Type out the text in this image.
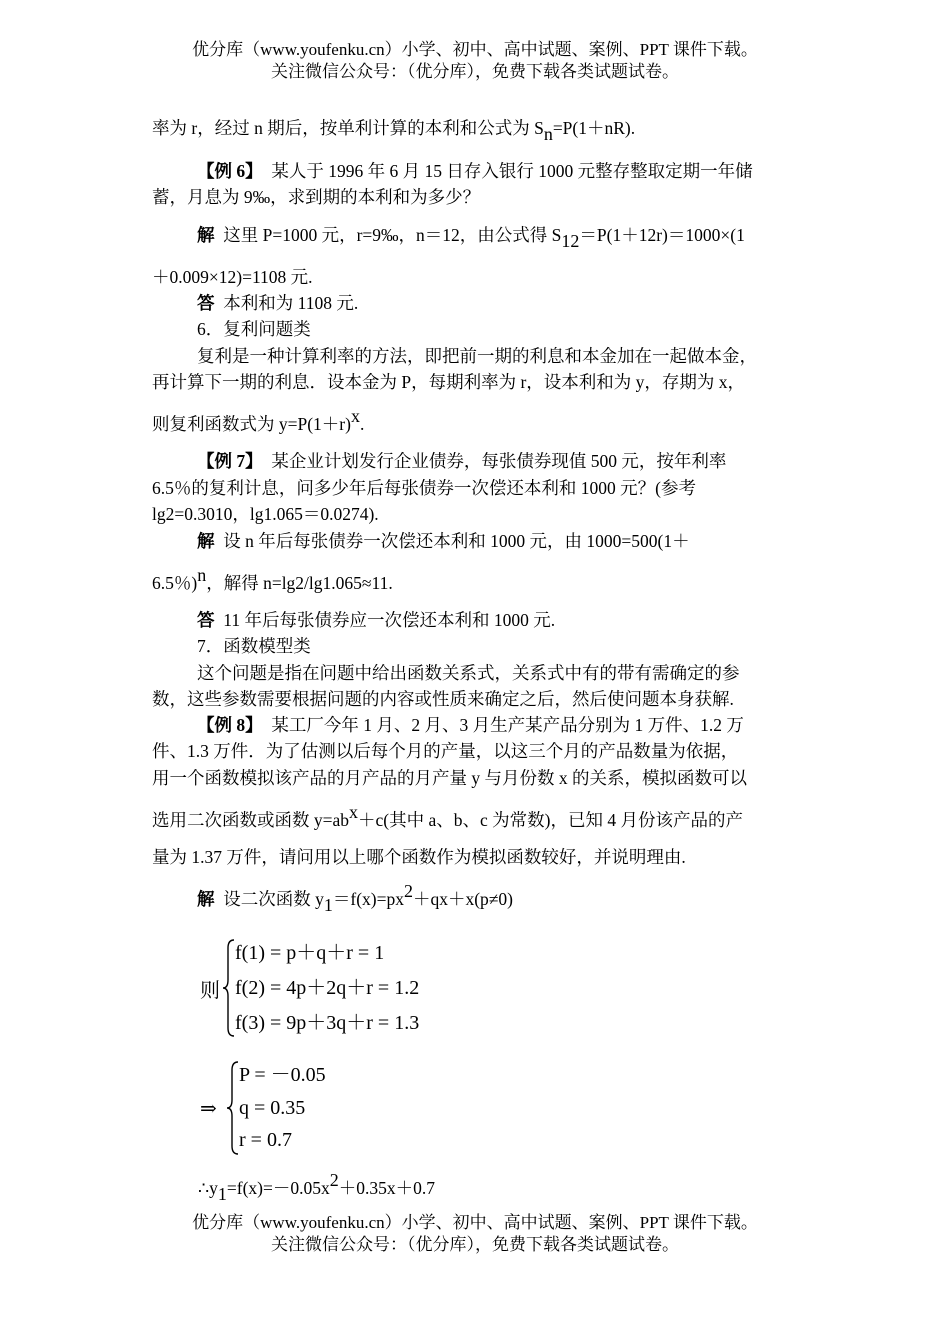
优分库（www.youfenku.cn）小学、初中、高中试题、案例、PPT 课件下载。
关注微信公众号：（优分库），免费下载各类试题试卷。
率为 r，经过 n 期后，按单利计算的本利和公式为 Sn=P(1＋nR).
【例 6】 某人于 1996 年 6 月 15 日存入银行 1000 元整存整取定期一年储
蓄，月息为 9‰，求到期的本利和为多少？
解 这里 P=1000 元，r=9‰，n＝12，由公式得 S12＝P(1＋12r)＝1000×(1
＋0.009×12)=1108 元.
答 本利和为 1108 元.
6．复利问题类
复利是一种计算利率的方法，即把前一期的利息和本金加在一起做本金，
再计算下一期的利息．设本金为 P，每期利率为 r，设本利和为 y，存期为 x，
则复利函数式为 y=P(1＋r)x.
【例 7】 某企业计划发行企业债券，每张债券现值 500 元，按年利率
6.5％的复利计息，问多少年后每张债券一次偿还本利和 1000 元？(参考
lg2=0.3010，lg1.065＝0.0274).
解 设 n 年后每张债券一次偿还本利和 1000 元，由 1000=500(1＋
6.5％)n，解得 n=lg2/lg1.065≈11.
答 11 年后每张债券应一次偿还本利和 1000 元.
7．函数模型类
这个问题是指在问题中给出函数关系式，关系式中有的带有需确定的参
数，这些参数需要根据问题的内容或性质来确定之后，然后使问题本身获解.
【例 8】 某工厂今年 1 月、2 月、3 月生产某产品分别为 1 万件、1.2 万
件、1.3 万件．为了估测以后每个月的产量，以这三个月的产品数量为依据，
用一个函数模拟该产品的月产品的月产量 y 与月份数 x 的关系，模拟函数可以
选用二次函数或函数 y=abx＋c(其中 a、b、c 为常数)，已知 4 月份该产品的产
量为 1.37 万件，请问用以上哪个函数作为模拟函数较好，并说明理由.
解 设二次函数 y1＝f(x)=px2＋qx＋x(p≠0)
则
f(1) = p＋q＋r = 1
f(2) = 4p＋2q＋r = 1.2
f(3) = 9p＋3q＋r = 1.3
⇒
P = －0.05
q = 0.35
r = 0.7
∴y1=f(x)=－0.05x2＋0.35x＋0.7
优分库（www.youfenku.cn）小学、初中、高中试题、案例、PPT 课件下载。
关注微信公众号：（优分库），免费下载各类试题试卷。
